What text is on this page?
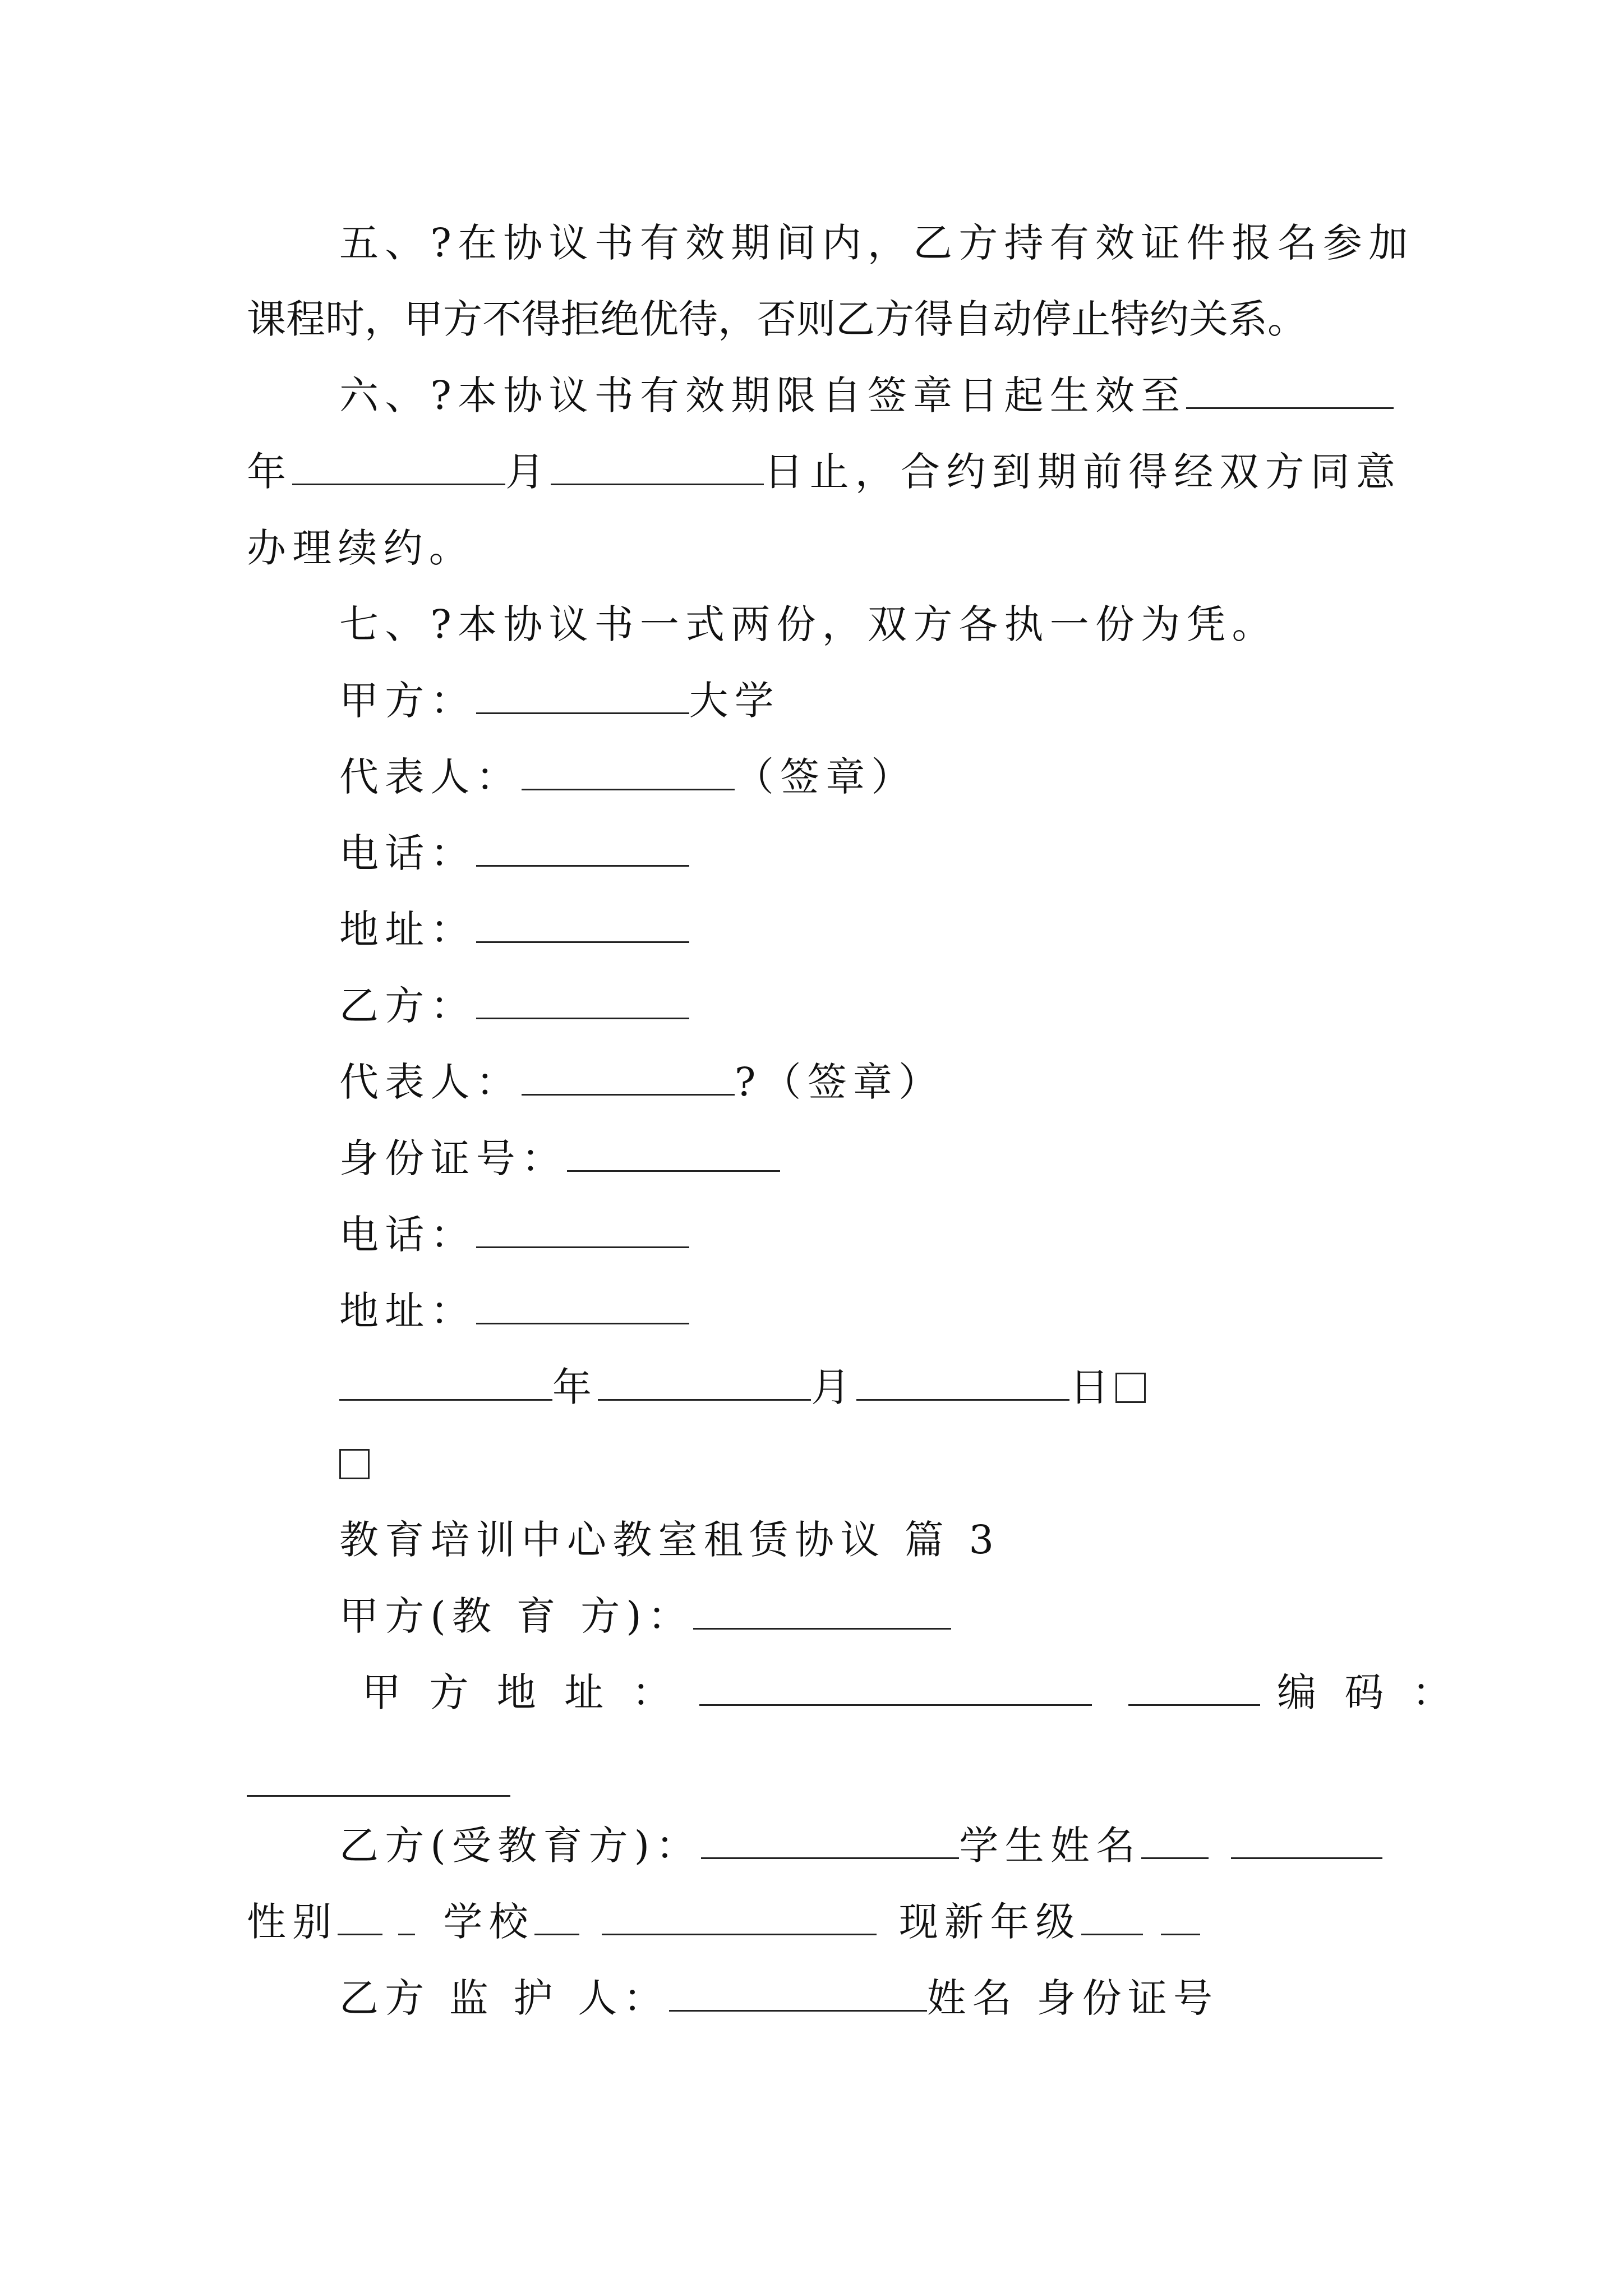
五、?在协议书有效期间内，乙方持有效证件报名参加
课程时，甲方不得拒绝优待，否则乙方得自动停止特约关系。
六、?本协议书有效期限自签章日起生效至
年	月	日止，合约到期前得经双方同意
办理续约。
七、?本协议书一式两份，双方各执一份为凭。
甲方：	大学
代表人：	（签章）
电话：
地址：
乙方：
代表人：	?（签章）
身份证号：
电话：
地址：
年	月	日
教育培训中心教室租赁协议 篇 3
甲方(教 育 方)：
甲方地址：	编码：
乙方(受教育方)：	学生姓名
性别	学校	现新年级
乙方 监 护 人：	姓名 身份证号
